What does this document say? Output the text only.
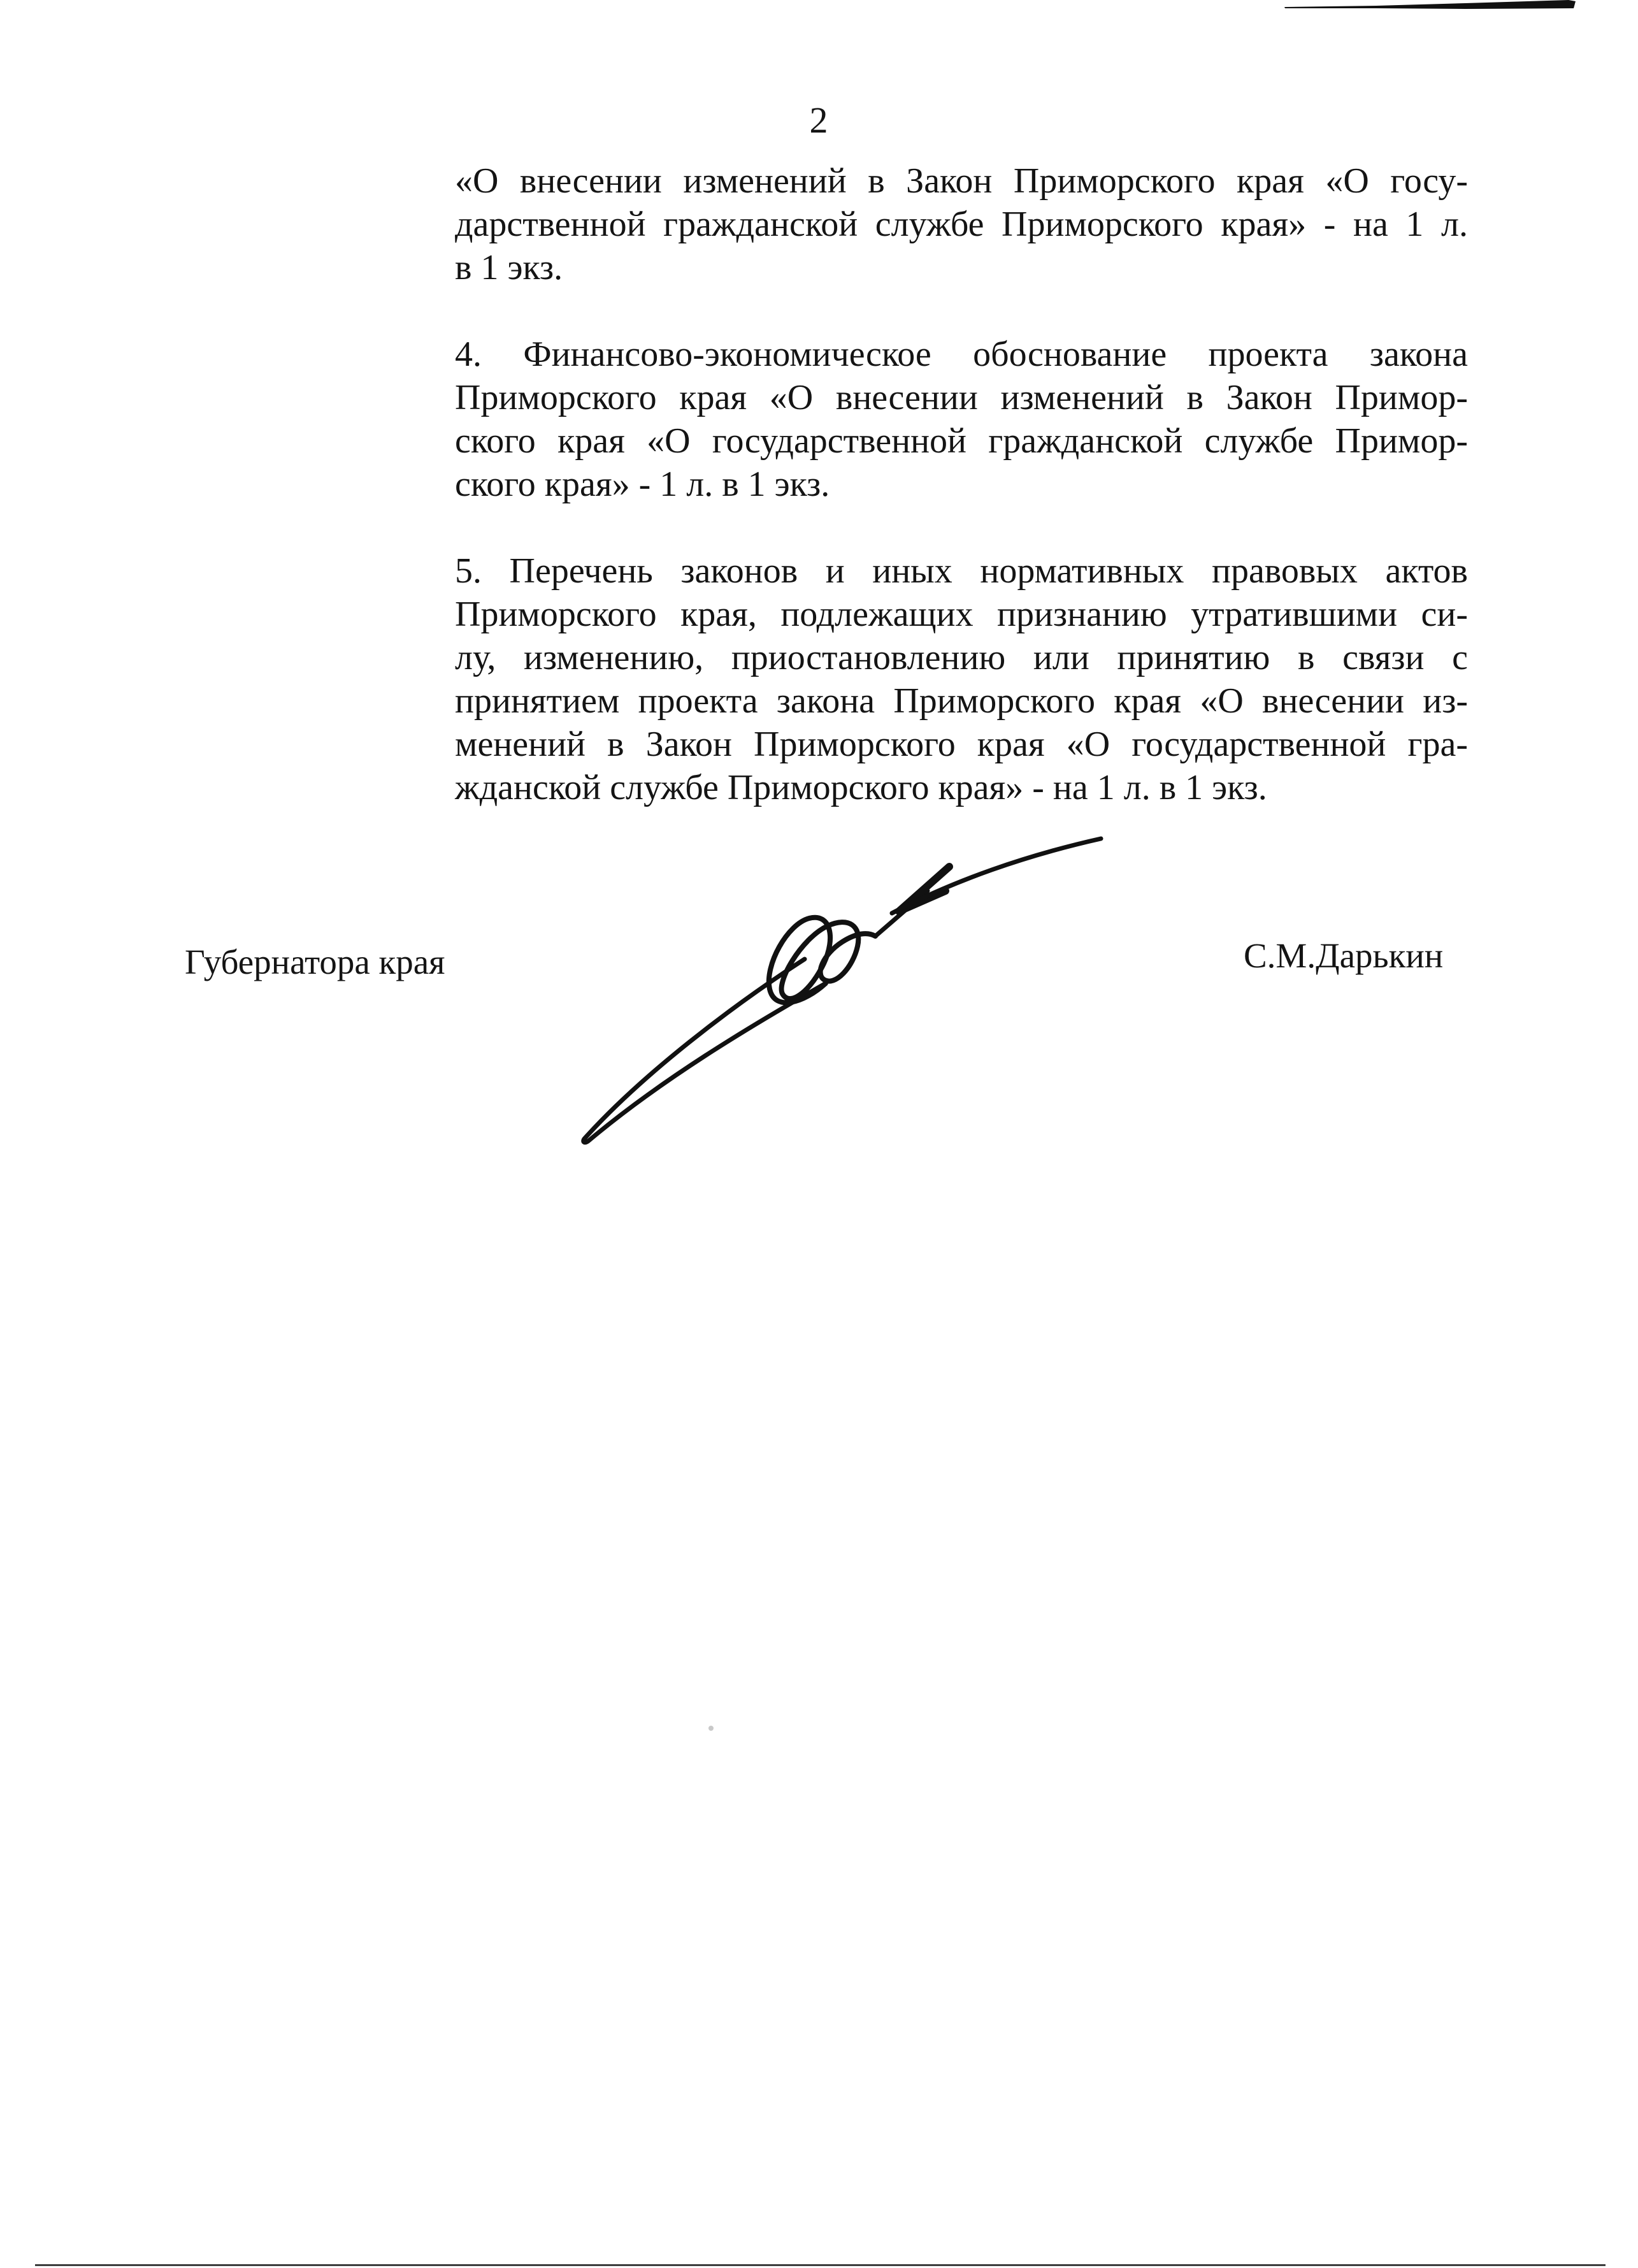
2
«О внесении изменений в Закон Приморского края «О госу-
дарственной гражданской службе Приморского края» - на 1 л.
в 1 экз.
4. Финансово-экономическое обоснование проекта закона
Приморского края «О внесении изменений в Закон Примор-
ского края «О государственной гражданской службе Примор-
ского края» - 1 л. в 1 экз.
5. Перечень законов и иных нормативных правовых актов
Приморского края, подлежащих признанию утратившими си-
лу, изменению, приостановлению или принятию в связи с
принятием проекта закона Приморского края «О внесении из-
менений в Закон Приморского края «О государственной гра-
жданской службе Приморского края» - на 1 л. в 1 экз.
Губернатора края	С.М.Дарькин
